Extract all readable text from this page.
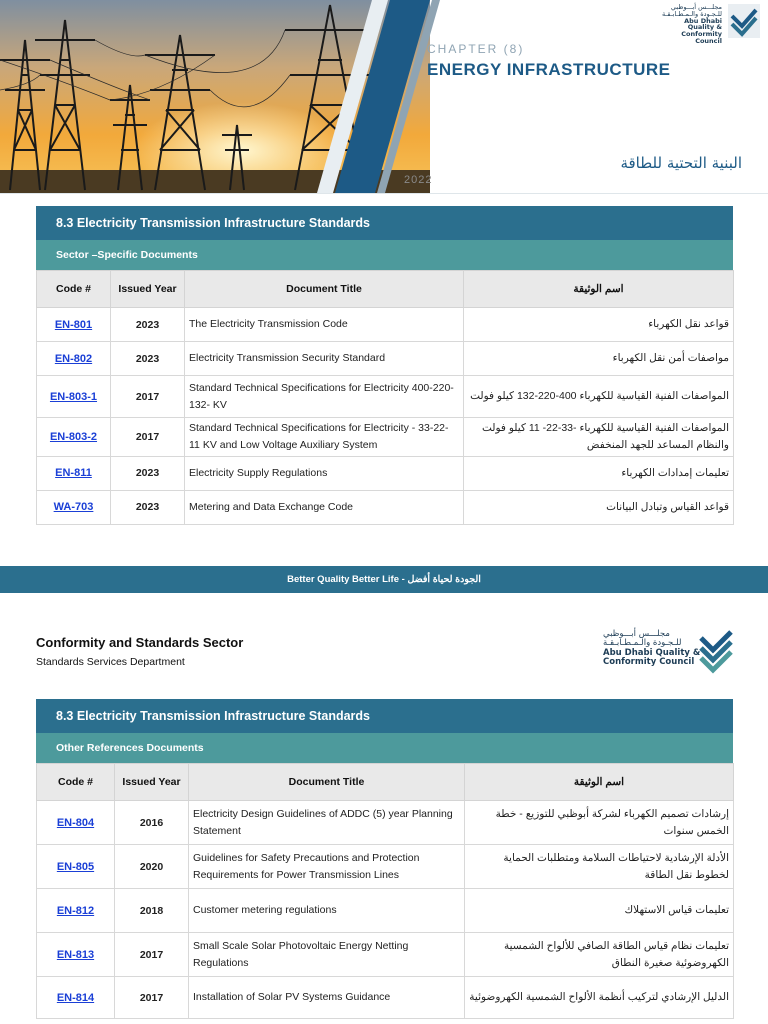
CHAPTER (8)
ENERGY INFRASTRUCTURE
البنية التحتية للطاقة
2022
مجلـــس أبـــوظبي
للـجـودة والـمـطـابـقـة
Abu Dhabi Quality &
Conformity Council
8.3 Electricity Transmission Infrastructure Standards
Sector –Specific Documents
Code #	Issued Year	Document Title	اسم الوثيقة
EN-801	2023	The Electricity Transmission Code	قواعد نقل الكهرباء
EN-802	2023	Electricity Transmission Security Standard	مواصفات أمن نقل الكهرباء
EN-803-1	2017	Standard Technical Specifications for Electricity 400-220-132- KV	المواصفات الفنية القياسية للكهرباء 400-220-132 كيلو فولت
EN-803-2	2017	Standard Technical Specifications for Electricity - 33-22- 11 KV and Low Voltage Auxiliary System	المواصفات الفنية القياسية للكهرباء -33-22- 11 كيلو فولت والنظام المساعد للجهد المنخفض
EN-811	2023	Electricity Supply Regulations	تعليمات إمدادات الكهرباء
WA-703	2023	Metering and Data Exchange Code	قواعد القياس وتبادل البيانات
Better Quality Better Life - الجودة لحياة أفضل
Conformity and Standards Sector
Standards Services Department
مجلـــس أبـــوظبي
للـجـودة والـمـطـابـقـة
Abu Dhabi Quality &
Conformity Council
8.3 Electricity Transmission Infrastructure Standards
Other References Documents
Code #	Issued Year	Document Title	اسم الوثيقة
EN-804	2016	Electricity Design Guidelines of ADDC (5) year Planning Statement	إرشادات تصميم الكهرباء لشركة أبوظبي للتوزيع - خطة الخمس سنوات
EN-805	2020	Guidelines for Safety Precautions and Protection Requirements for Power Transmission Lines	الأدلة الإرشادية لاحتياطات السلامة ومتطلبات الحماية لخطوط نقل الطاقة
EN-812	2018	Customer metering regulations	تعليمات قياس الاستهلاك
EN-813	2017	Small Scale Solar Photovoltaic Energy Netting Regulations	تعليمات نظام قياس الطاقة الصافي للألواح الشمسية الكهروضوئية صغيرة النطاق
EN-814	2017	Installation of Solar PV Systems Guidance	الدليل الإرشادي لتركيب أنظمة الألواح الشمسية الكهروضوئية
